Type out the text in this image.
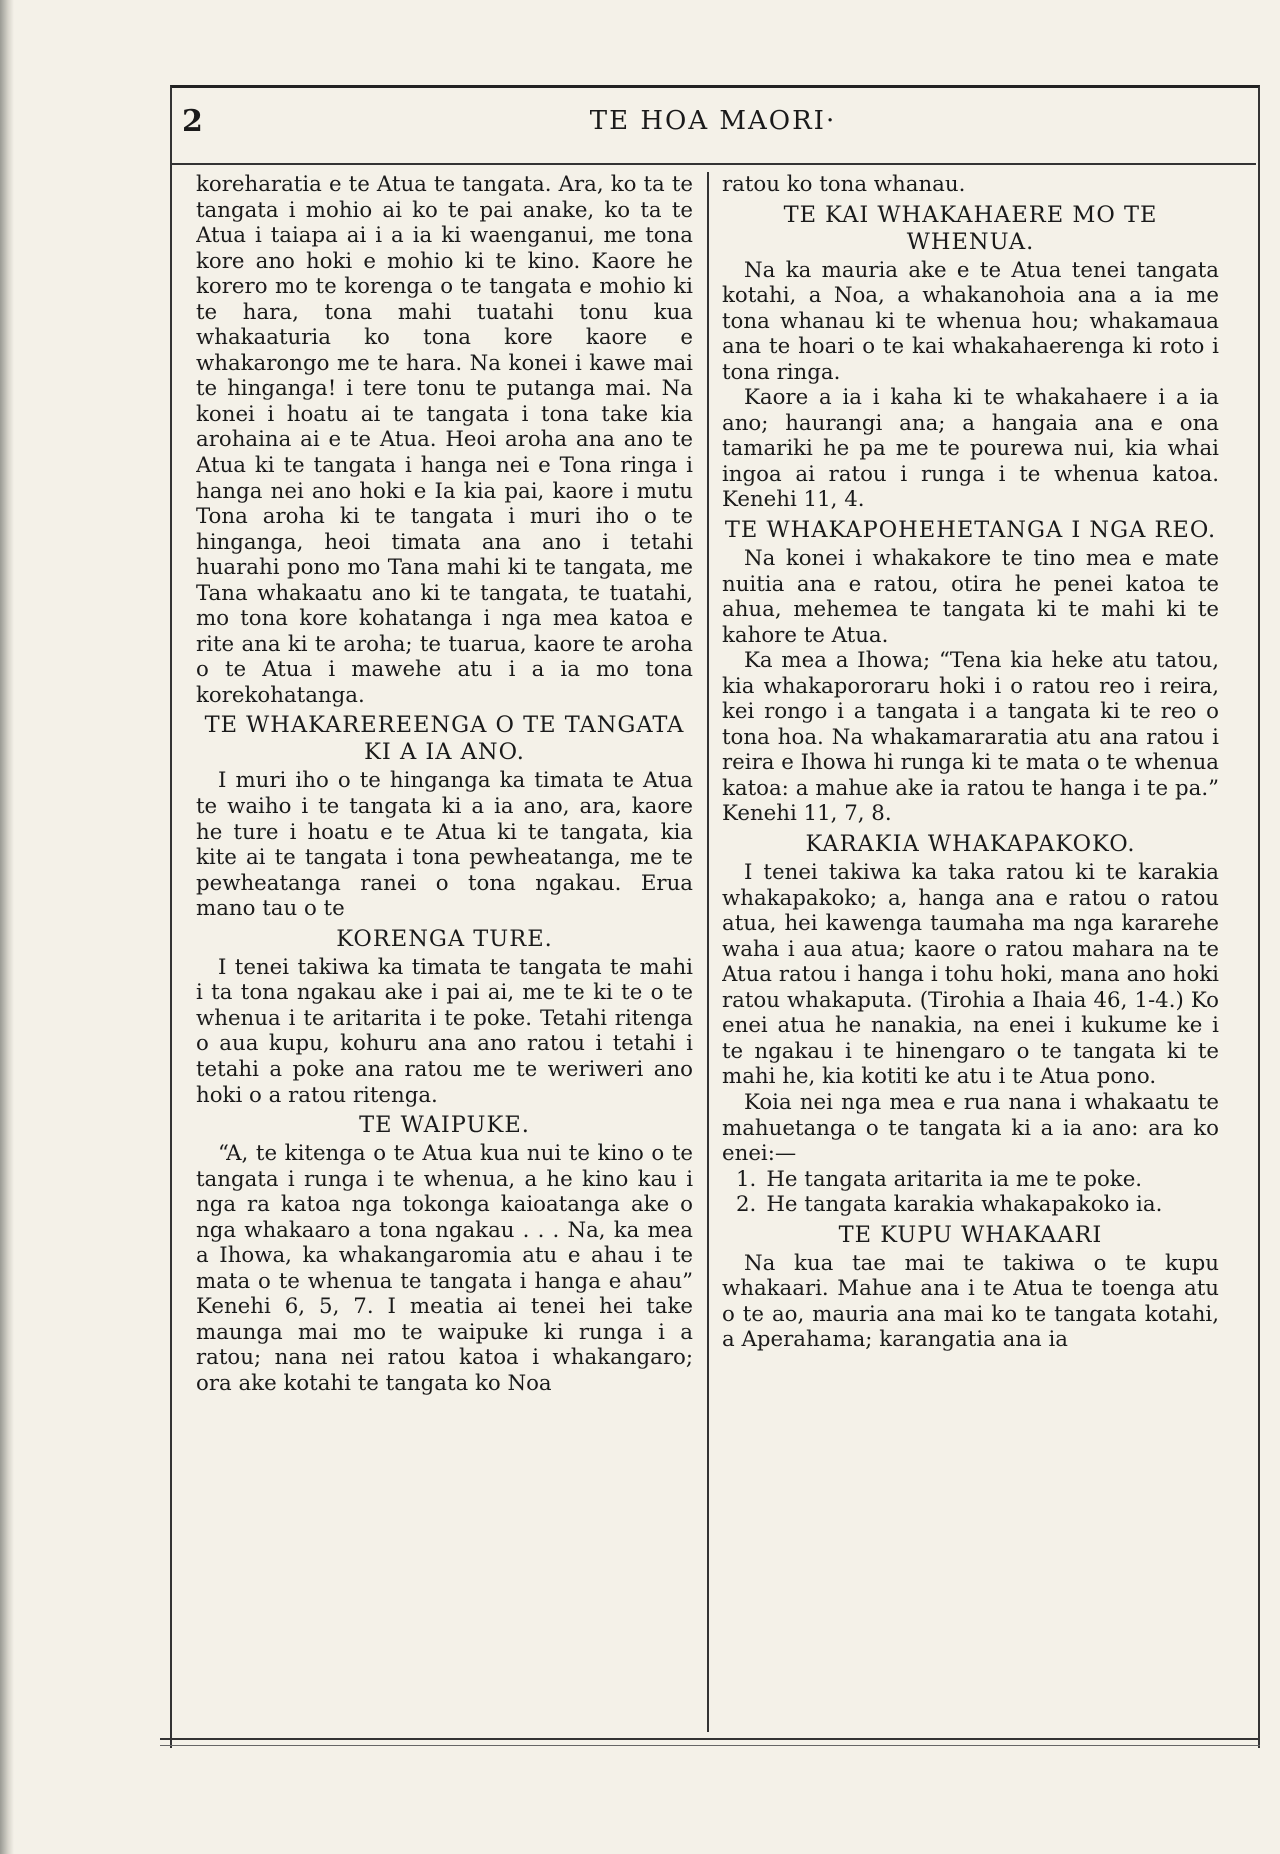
2	TE HOA MAORI·

koreharatia e te Atua te tangata. Ara, ko ta te tangata i mohio ai ko te pai anake, ko ta te Atua i taiapa ai i a ia ki waenganui, me tona kore ano hoki e mohio ki te kino. Kaore he korero mo te korenga o te tangata e mohio ki te hara, tona mahi tuatahi tonu kua whakaaturia ko tona kore kaore e whakarongo me te hara. Na konei i kawe mai te hinganga! i tere tonu te putanga mai. Na konei i hoatu ai te tangata i tona take kia arohaina ai e te Atua. Heoi aroha ana ano te Atua ki te tangata i hanga nei e Tona ringa i hanga nei ano hoki e Ia kia pai, kaore i mutu Tona aroha ki te tangata i muri iho o te hinganga, heoi timata ana ano i tetahi huarahi pono mo Tana mahi ki te tangata, me Tana whakaatu ano ki te tangata, te tuatahi, mo tona kore kohatanga i nga mea katoa e rite ana ki te aroha; te tuarua, kaore te aroha o te Atua i mawehe atu i a ia mo tona korekohatanga.

TE WHAKAREREENGA O TE TANGATA KI A IA ANO.

I muri iho o te hinganga ka timata te Atua te waiho i te tangata ki a ia ano, ara, kaore he ture i hoatu e te Atua ki te tangata, kia kite ai te tangata i tona pewheatanga, me te pewheatanga ranei o tona ngakau. Erua mano tau o te

KORENGA TURE.

I tenei takiwa ka timata te tangata te mahi i ta tona ngakau ake i pai ai, me te ki te o te whenua i te aritarita i te poke. Tetahi ritenga o aua kupu, kohuru ana ano ratou i tetahi i tetahi a poke ana ratou me te weriweri ano hoki o a ratou ritenga.

TE WAIPUKE.

“A, te kitenga o te Atua kua nui te kino o te tangata i runga i te whenua, a he kino kau i nga ra katoa nga tokonga kaioatanga ake o nga whakaaro a tona ngakau . . . Na, ka mea a Ihowa, ka whakangaromia atu e ahau i te mata o te whenua te tangata i hanga e ahau” Kenehi 6, 5, 7. I meatia ai tenei hei take maunga mai mo te waipuke ki runga i a ratou; nana nei ratou katoa i whakangaro; ora ake kotahi te tangata ko Noa

ratou ko tona whanau.

TE KAI WHAKAHAERE MO TE WHENUA.

Na ka mauria ake e te Atua tenei tangata kotahi, a Noa, a whakanohoia ana a ia me tona whanau ki te whenua hou; whakamaua ana te hoari o te kai whakahaerenga ki roto i tona ringa.

Kaore a ia i kaha ki te whakahaere i a ia ano; haurangi ana; a hangaia ana e ona tamariki he pa me te pourewa nui, kia whai ingoa ai ratou i runga i te whenua katoa. Kenehi 11, 4.

TE WHAKAPOHEHETANGA I NGA REO.

Na konei i whakakore te tino mea e mate nuitia ana e ratou, otira he penei katoa te ahua, mehemea te tangata ki te mahi ki te kahore te Atua.

Ka mea a Ihowa; “Tena kia heke atu tatou, kia whakapororaru hoki i o ratou reo i reira, kei rongo i a tangata i a tangata ki te reo o tona hoa. Na whakamararatia atu ana ratou i reira e Ihowa hi runga ki te mata o te whenua katoa: a mahue ake ia ratou te hanga i te pa.” Kenehi 11, 7, 8.

KARAKIA WHAKAPAKOKO.

I tenei takiwa ka taka ratou ki te karakia whakapakoko; a, hanga ana e ratou o ratou atua, hei kawenga taumaha ma nga kararehe waha i aua atua; kaore o ratou mahara na te Atua ratou i hanga i tohu hoki, mana ano hoki ratou whakaputa. (Tirohia a Ihaia 46, 1-4.) Ko enei atua he nanakia, na enei i kukume ke i te ngakau i te hinengaro o te tangata ki te mahi he, kia kotiti ke atu i te Atua pono.

Koia nei nga mea e rua nana i whakaatu te mahuetanga o te tangata ki a ia ano: ara ko enei:—

1. He tangata aritarita ia me te poke.
2. He tangata karakia whakapakoko ia.
TE KUPU WHAKAARI

Na kua tae mai te takiwa o te kupu whakaari. Mahue ana i te Atua te toenga atu o te ao, mauria ana mai ko te tangata kotahi, a Aperahama; karangatia ana ia
